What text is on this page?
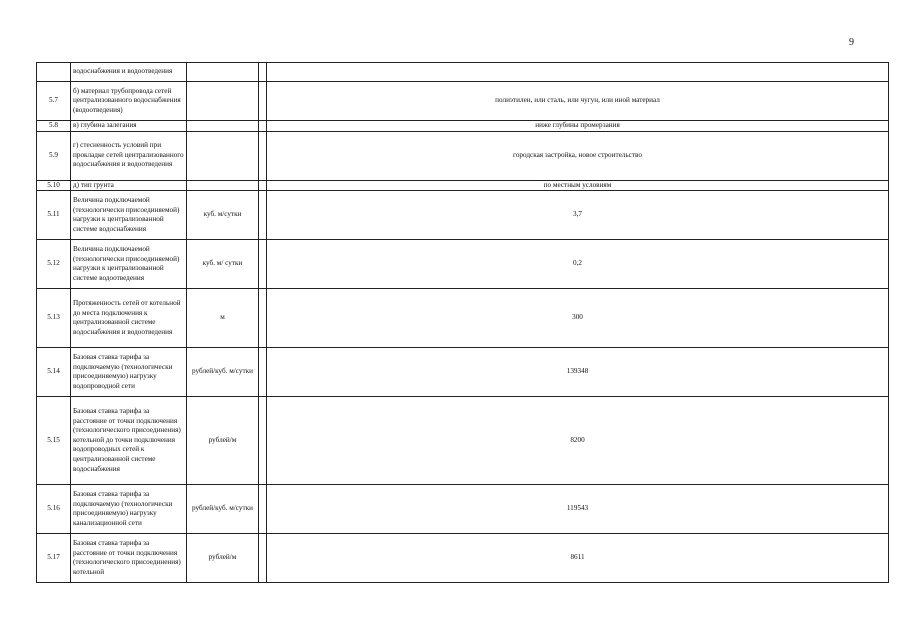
9
	водоснабжения и водоотведения			
5.7	б) материал трубопровода сетей централизованного водоснабжения (водоотведения)			полиэтилен, или сталь, или чугун, или иной материал
5.8	в) глубина залегания			ниже глубины промерзания
5.9	г) стесненность условий при прокладке сетей централизованного водоснабжения и водоотведения			городская застройка, новое строительство
5.10	д) тип грунта			по местным условиям
5.11	Величина подключаемой (технологически присоединяемой) нагрузки к централизованной системе водоснабжения	куб. м/сутки		3,7
5.12	Величина подключаемой (технологически присоединяемой) нагрузки к централизованной системе водоотведения	куб. м/ сутки		0,2
5.13	Протяженность сетей от котельной до места подключения к централизованной системе водоснабжения и водоотведения	м		300
5.14	Базовая ставка тарифа за подключаемую (технологически присоединяемую) нагрузку водопроводной сети	рублей/куб. м/сутки		139348
5.15	Базовая ставка тарифа за расстояние от точки подключения (технологического присоединения) котельной до точки подключения водопроводных сетей к централизованной системе водоснабжения	рублей/м		8200
5.16	Базовая ставка тарифа за подключаемую (технологически присоединяемую) нагрузку канализационной сети	рублей/куб. м/сутки		119543
5.17	Базовая ставка тарифа за расстояние от точки подключения (технологического присоединения) котельной	рублей/м		8611
